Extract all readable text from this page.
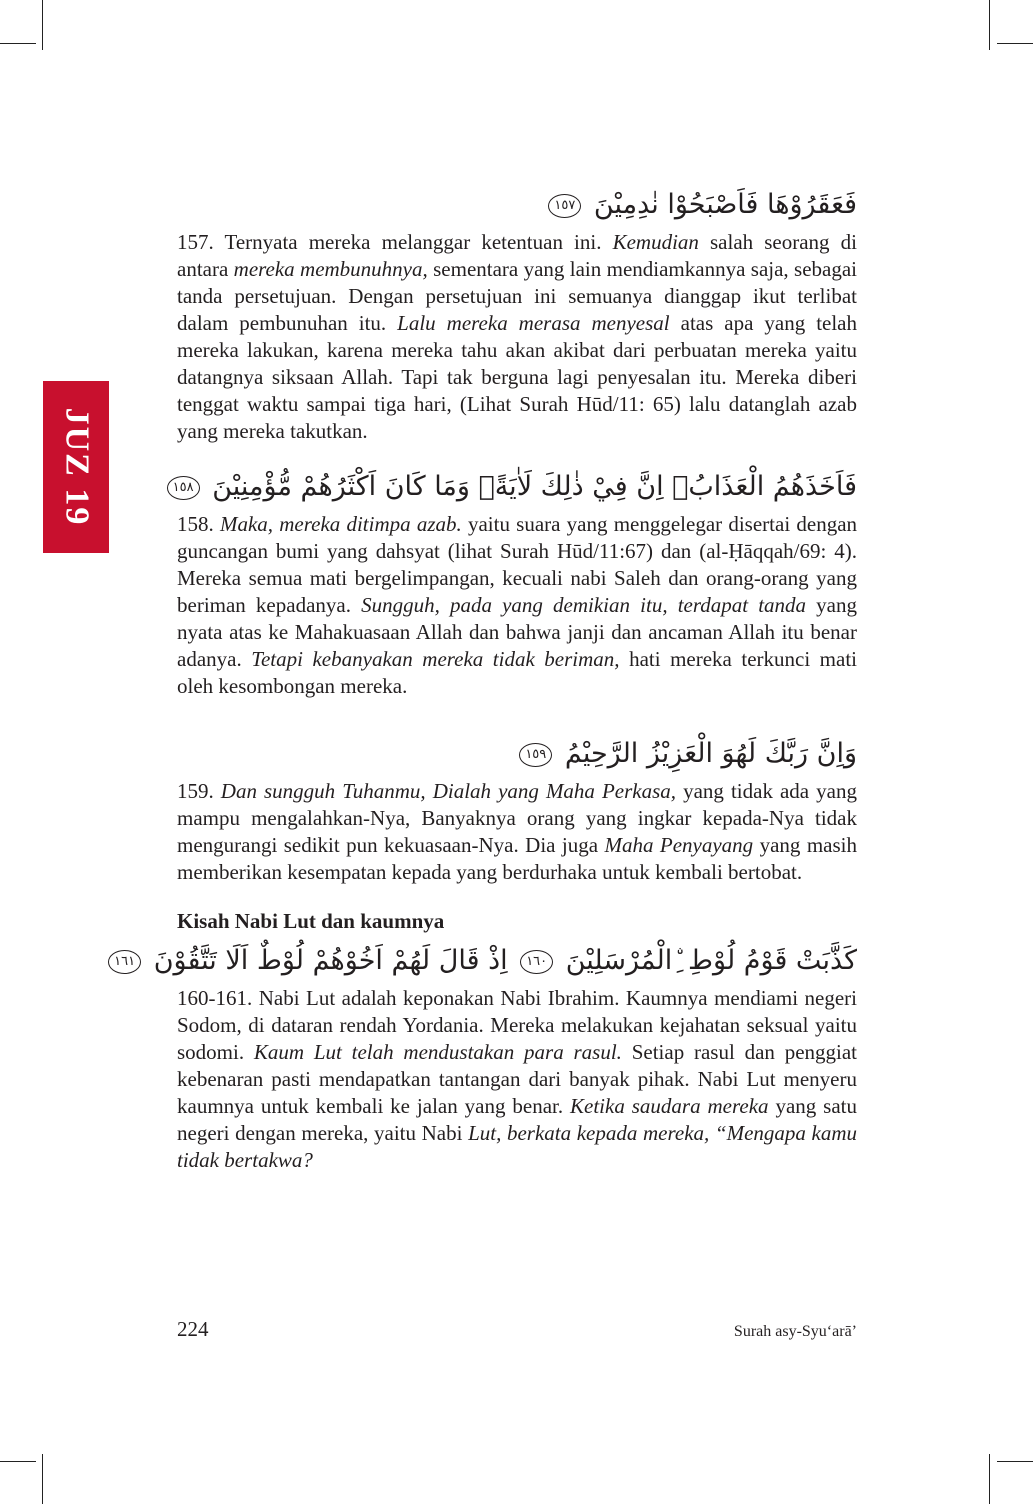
JUZ 19
فَعَقَرُوْهَا فَاَصْبَحُوْا نٰدِمِيْنَ ١٥٧

157. Ternyata mereka melanggar ketentuan ini. Kemudian salah seorang di antara mereka membunuhnya, sementara yang lain mendiamkannya saja, sebagai tanda persetujuan. Dengan persetujuan ini semuanya dianggap ikut terlibat dalam pembunuhan itu. Lalu mereka merasa menyesal atas apa yang telah mereka lakukan, karena mereka tahu akan akibat dari perbuatan mereka yaitu datangnya siksaan Allah. Tapi tak berguna lagi penyesalan itu. Mereka diberi tenggat waktu sampai tiga hari, (Lihat Surah Hūd/11: 65) lalu datanglah azab yang mereka takutkan.

فَاَخَذَهُمُ الْعَذَابُۗ اِنَّ فِيْ ذٰلِكَ لَاٰيَةًۗ وَمَا كَانَ اَكْثَرُهُمْ مُّؤْمِنِيْنَ ١٥٨

158. Maka, mereka ditimpa azab. yaitu suara yang menggelegar disertai dengan guncangan bumi yang dahsyat (lihat Surah Hūd/11:67) dan (al-Ḥāqqah/69: 4). Mereka semua mati bergelimpangan, kecuali nabi Saleh dan orang-orang yang beriman kepadanya. Sungguh, pada yang demikian itu, terdapat tanda yang nyata atas ke Mahakuasaan Allah dan bahwa janji dan ancaman Allah itu benar adanya. Tetapi kebanyakan mereka tidak beriman, hati mereka terkunci mati oleh kesombongan mereka.

وَاِنَّ رَبَّكَ لَهُوَ الْعَزِيْزُ الرَّحِيْمُ ١٥٩

159. Dan sungguh Tuhanmu, Dialah yang Maha Perkasa, yang tidak ada yang mampu mengalahkan-Nya, Banyaknya orang yang ingkar kepada-Nya tidak mengurangi sedikit pun kekuasaan-Nya. Dia juga Maha Penyayang yang masih memberikan kesempatan kepada yang berdurhaka untuk kembali bertobat.

Kisah Nabi Lut dan kaumnya
كَذَّبَتْ قَوْمُ لُوْطِ ِۨالْمُرْسَلِيْنَ ١٦٠ اِذْ قَالَ لَهُمْ اَخُوْهُمْ لُوْطٌ اَلَا تَتَّقُوْنَ ١٦١

160-161. Nabi Lut adalah keponakan Nabi Ibrahim. Kaumnya mendiami negeri Sodom, di dataran rendah Yordania. Mereka melakukan kejahatan seksual yaitu sodomi. Kaum Lut telah mendustakan para rasul. Setiap rasul dan penggiat kebenaran pasti mendapatkan tantangan dari banyak pihak. Nabi Lut menyeru kaumnya untuk kembali ke jalan yang benar. Ketika saudara mereka yang satu negeri dengan mereka, yaitu Nabi Lut, berkata kepada mereka, “Mengapa kamu tidak bertakwa?

224	Surah asy-Syu‘arā’
